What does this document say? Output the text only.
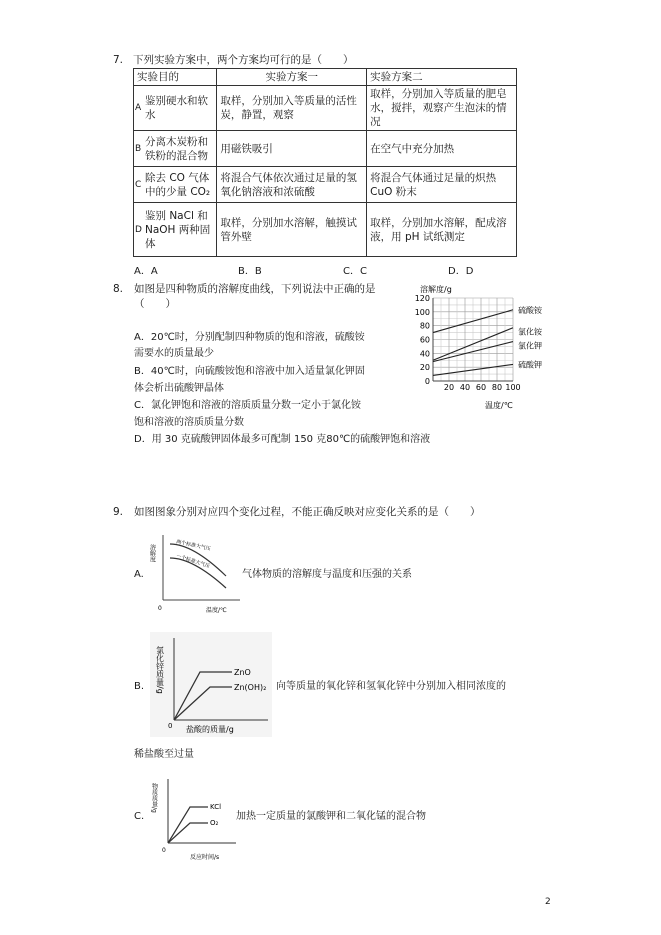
7. 下列实验方案中，两个方案均可行的是（　　）
实验目的		实验方案一	实验方案二
A	鉴别硬水和软水	取样，分别加入等质量的活性炭，静置，观察	取样，分别加入等质量的肥皂水，搅拌，观察产生泡沫的情况
B	分离木炭粉和铁粉的混合物	用磁铁吸引	在空气中充分加热
C	除去 CO 气体中的少量 CO₂	将混合气体依次通过足量的氢氧化钠溶液和浓硫酸	将混合气体通过足量的炽热 CuO 粉末
D	鉴别 NaCl 和 NaOH 两种固体	取样，分别加水溶解，触摸试管外壁	取样，分别加水溶解，配成溶液，用 pH 试纸测定
A．A	B．B	C．C	D．D
8. 如图是四种物质的溶解度曲线，下列说法中正确的是
（　　）
A．20℃时，分别配制四种物质的饱和溶液，硫酸铵
需要水的质量最少
B．40℃时，向硫酸铵饱和溶液中加入适量氯化钾固
体会析出硫酸钾晶体
C．氯化钾饱和溶液的溶质质量分数一定小于氯化铵
饱和溶液的溶质质量分数
D．用 30 克硫酸钾固体最多可配制 150 克80℃的硫酸钾饱和溶液
溶解度/g
120
100
80
60
40
20
0
20 40 60 80 100
硫酸铵
氯化铵
氯化钾
硫酸钾
温度/℃
9. 如图图象分别对应四个变化过程，不能正确反映对应变化关系的是（　　）
A.
溶解度
0	温度/℃
两个标准大气压
一个标准大气压
气体物质的溶解度与温度和压强的关系
B. 氯化锌质量/g
0 盐酸的质量/g
ZnO
Zn(OH)₂ 向等质量的氧化锌和氢氧化锌中分别加入相同浓度的
稀盐酸至过量
C.
物质质量/g
0
反应时间/s
KCl
O₂
加热一定质量的氯酸钾和二氧化锰的混合物
2
